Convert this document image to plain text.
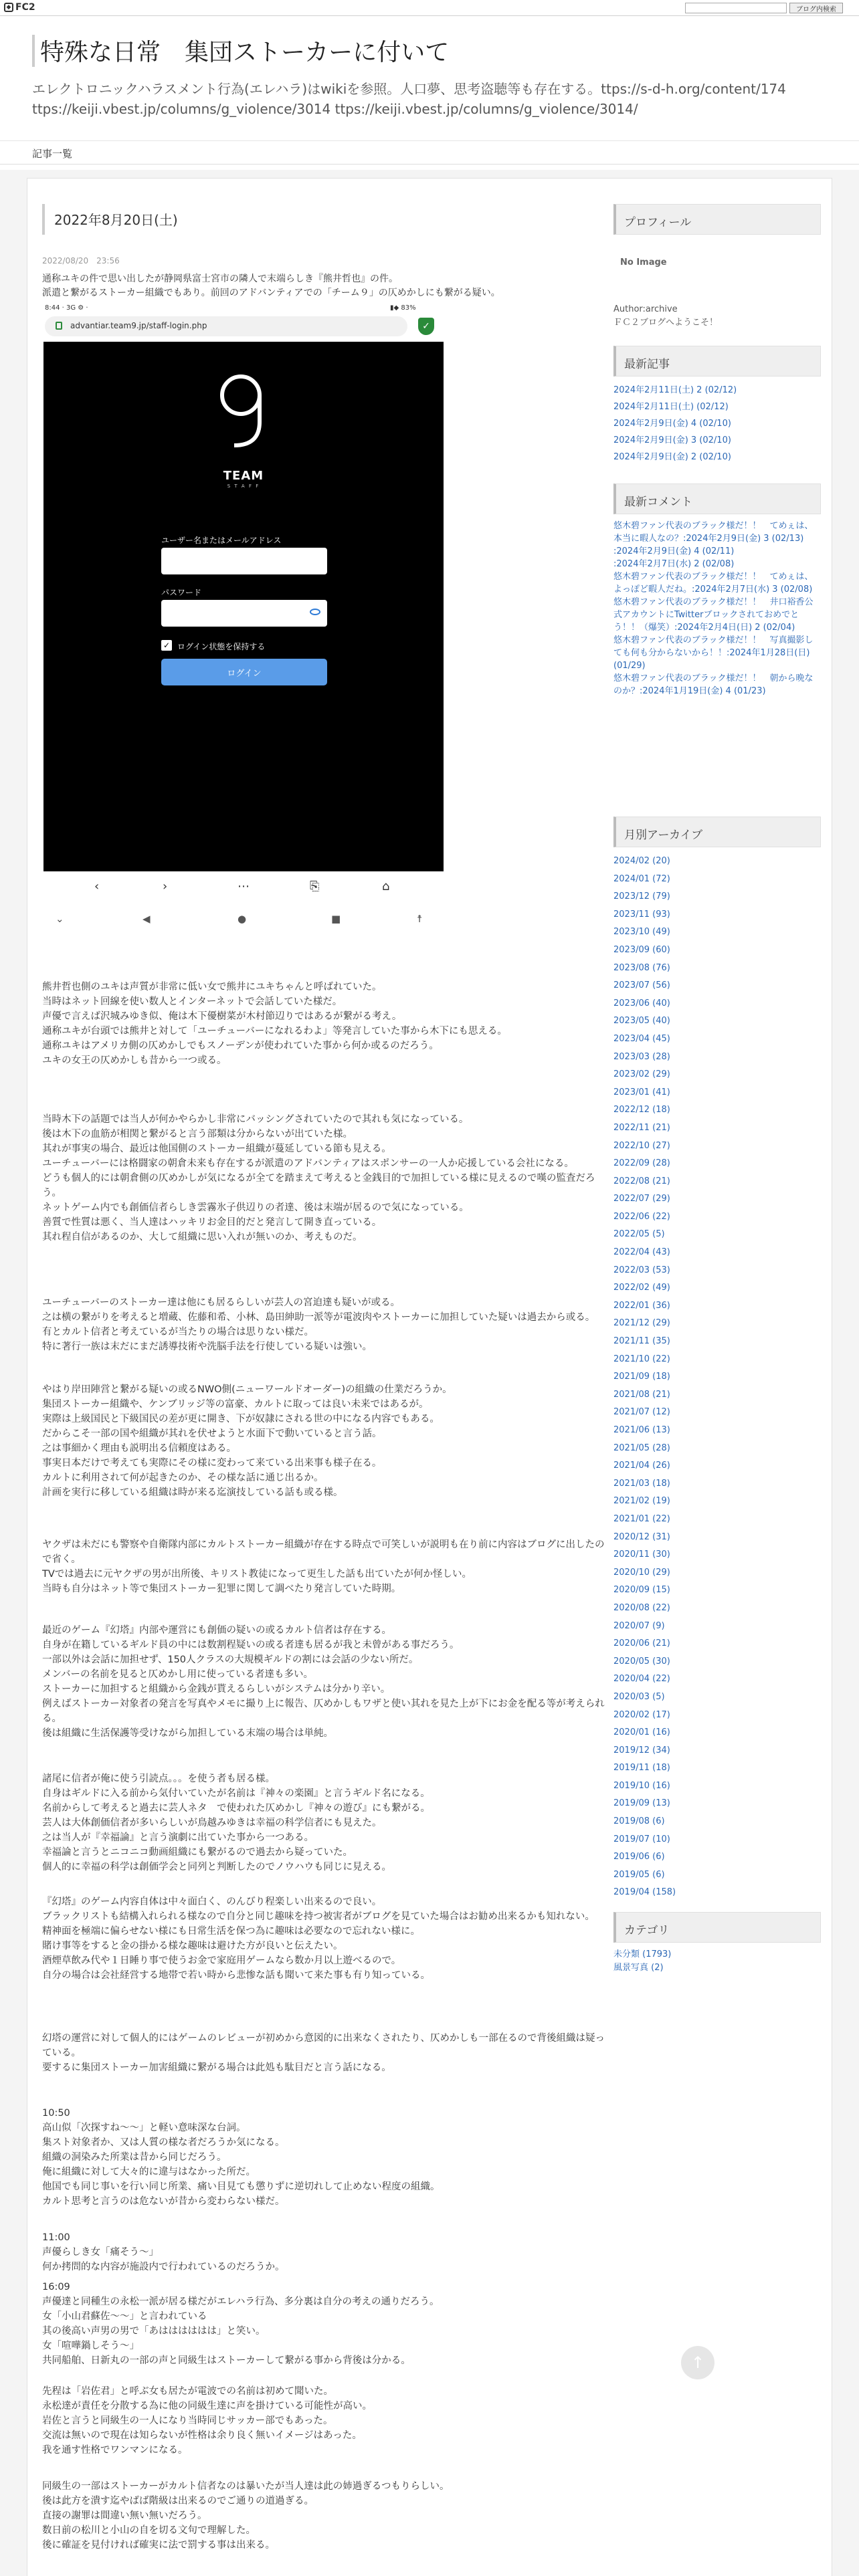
◆ FC2	ブログ内検索
特殊な日常　集団ストーカーに付いて
エレクトロニックハラスメント行為(エレハラ)はwikiを参照。人口夢、思考盗聴等も存在する。ttps://s-d-h.org/content/174 ttps://keiji.vbest.jp/columns/g_violence/3014 ttps://keiji.vbest.jp/columns/g_violence/3014/
記事一覧
2022年8月20日(土)
2022/08/20　23:56
通称ユキの件で思い出したが静岡県富士宮市の隣人で末端らしき『熊井哲也』の件。
派遣と繋がるストーカー組織でもあり。前回のアドバンティアでの「チーム９」の仄めかしにも繋がる疑い。
8:44 · 3G ⚙ ·	▮◆ 83%
advantiar.team9.jp/staff-login.php	✓
TEAM
S T A F F
ユーザー名またはメールアドレス
パスワード
✓ ログイン状態を保持する
ログイン
‹	›	⋯	⎘	⌂
⌄	◀	●	■	☨
熊井哲也側のユキは声質が非常に低い女で熊井にユキちゃんと呼ばれていた。
当時はネット回線を使い数人とインターネットで会話していた様だ。
声優で言えば沢城みゆき似、俺は木下優樹菜が木村節辺りではあるが繋がる考え。
通称ユキが台頭では熊井と対して「ユーチューバーになれるわよ」等発言していた事から木下にも思える。
通称ユキはアメリカ側の仄めかしでもスノーデンが使われていた事から何か或るのだろう。
ユキの女王の仄めかしも昔から一つ或る。
当時木下の話題では当人が何かやらかし非常にバッシングされていたので其れも気になっている。
後は木下の血筋が相関と繋がると言う部類は分からないが出ていた様。
其れが事実の場合、最近は他国側のストーカー組織が蔓延している節も見える。
ユーチューバーには格闘家の朝倉未来も存在するが派遣のアドバンティアはスポンサーの一人か応援している会社になる。
どうも個人的には朝倉側の仄めかしが気になるが全てを踏まえて考えると金銭目的で加担している様に見えるので嘆の監査だろう。
ネットゲーム内でも創価信者らしき雲霧氷子供辺りの者達、後は末端が居るので気になっている。
善質で性質は悪く、当人達はハッキリお金目的だと発言して開き直っている。
其れ程自信があるのか、大して組織に思い入れが無いのか、考えものだ。
ユーチューバーのストーカー達は他にも居るらしいが芸人の宮迫達も疑いが或る。
之は横の繋がりを考えると増蔵、佐藤和希、小林、島田紳助一派等が電波肉やストーカーに加担していた疑いは過去から或る。
有とカルト信者と考えているが当たりの場合は思りない様だ。
特に著行一族は末だにまだ誘導技術や洗脳手法を行使している疑いは強い。
やはり岸田陣営と繋がる疑いの或るNWO側(ニューワールドオーダー)の組織の仕業だろうか。
集団ストーカー組織や、ケンブリッジ等の富豪、カルトに取っては良い未来ではあるが。
実際は上級国民と下級国民の差が更に開き、下が奴隷にされる世の中になる内容でもある。
だからこそ一部の国や組織が其れを伏せようと水面下で動いていると言う話。
之は事細かく理由も説明出る信頼度はある。
事実日本だけで考えても実際にその様に変わって来ている出来事も様子在る。
カルトに利用されて何が起きたのか、その様な話に通じ出るか。
計画を実行に移している組織は時が来る迄演技している話も或る様。
ヤクザは未だにも警察や自衛隊内部にカルトストーカー組織が存在する時点で可笑しいが説明も在り前に内容はブログに出したので省く。
TVでは過去に元ヤクザの男が出所後、キリスト教徒になって更生した話も出ていたが何か怪しい。
当時も自分はネット等で集団ストーカー犯罪に関して調べたり発言していた時期。
最近のゲーム『幻塔』内部や運営にも創価の疑いの或るカルト信者は存在する。
自身が在籍しているギルド員の中には数割程疑いの或る者達も居るが我と未曾がある事だろう。
一部以外は会話に加担せず、150人クラスの大規模ギルドの割には会話の少ない所だ。
メンバーの名前を見ると仄めかし用に使っている者達も多い。
ストーカーに加担すると組織から金銭が貰えるらしいがシステムは分かり辛い。
例えばストーカー対象者の発言を写真やメモに撮り上に報告、仄めかしもワザと使い其れを見た上が下にお金を配る等が考えられる。
後は組織に生活保護等受けながら加担している末端の場合は単純。
諸尾に信者が俺に使う引読点。。。を使う者も居る様。
自身はギルドに入る前から気付いていたが名前は『神々の楽園』と言うギルド名になる。
名前からして考えると過去に芸人ネタ　で使われた仄めかし『神々の遊び』にも繋がる。
芸人は大体創価信者が多いらしいが鳥越みゆきは幸福の科学信者にも見えた。
之は当人が『幸福論』と言う演劇に出ていた事から一つある。
幸福論と言うとニコニコ動画組織にも繋がるので過去から疑っていた。
個人的に幸福の科学は創価学会と同列と判断したのでノウハウも同じに見える。
『幻塔』のゲーム内容自体は中々面白く、のんびり程楽しい出来るので良い。
ブラックリストも結構入れられる様なので自分と同じ趣味を持つ被害者がブログを見ていた場合はお勧め出来るかも知れない。
精神面を極端に偏らせない様にも日常生活を保つ為に趣味は必要なので忘れない様に。
賭け事等をすると金の掛かる様な趣味は避けた方が良いと伝えたい。
酒煙草飲み代や１日睡り事で使うお金で家庭用ゲームなら数か月以上遊べるので。
自分の場合は会社経営する地帯で若い時から悲惨な話も聞いて来た事も有り知っている。
幻塔の運営に対して個人的にはゲームのレビューが初めから意図的に出来なくされたり、仄めかしも一部在るので背後組織は疑っている。
要するに集団ストーカー加害組織に繋がる場合は此処も駄目だと言う話になる。
10:50
高山似「次探すね〜〜」と軽い意味深な台詞。
集スト対象者か、又は人質の様な者だろうか気になる。
組織の洞染みた所業は昔から同じだろう。
俺に組織に対して大々的に違与はなかった所だ。
他国でも同じ事いを行い同じ所業、痛い目見ても懲りずに逆切れして止めない程度の組織。
カルト思考と言うのは危ないが昔から変わらない様だ。
11:00
声優らしき女「痛そう〜」
何か拷問的な内容が施設内で行われているのだろうか。
16:09
声優達と同種生の永松一派が居る様だがエレハラ行為、多分裏は自分の考えの通りだろう。
女「小山君蘇佐〜〜」と言われている
其の後高い声男の男で「あはははははは」と笑い。
女「喧嘩鍋しそう〜」
共同船舶、日新丸の一部の声と同級生はストーカーして繋がる事から背後は分かる。
先程は「岩佐君」と呼ぶ女も居たが電波での名前は初めて聞いた。
永松達が責任を分散する為に他の同級生達に声を掛けている可能性が高い。
岩佐と言うと同級生の一人になり当時同じサッカー部でもあった。
交流は無いので現在は知らないが性格は余り良く無いイメージはあった。
我を通す性格でワンマンになる。
同級生の一部はストーカーがカルト信者なのは暴いたが当人達は此の姉過ぎるつもりらしい。
後は此方を潰す迄やばば階級は出来るのでご通りの道過ぎる。
直接の謝罪は間違い無い無いだろう。
数日前の松川と小山の自を切る文句で理解した。
後に確証を見付ければ確実に法で罰する事は出来る。
プロフィール
No Image
Author:archive
ＦＣ２ブログへようこそ！
最新記事
2024年2月11日(土) 2 (02/12)
2024年2月11日(土) (02/12)
2024年2月9日(金) 4 (02/10)
2024年2月9日(金) 3 (02/10)
2024年2月9日(金) 2 (02/10)
最新コメント
悠木碧ファン代表のブラック様だ！！　てめぇは、本当に暇人なの？:2024年2月9日(金) 3 (02/13)
:2024年2月9日(金) 4 (02/11)
:2024年2月7日(水) 2 (02/08)
悠木碧ファン代表のブラック様だ！！　てめぇは、よっぽど暇人だね。:2024年2月7日(水) 3 (02/08)
悠木碧ファン代表のブラック様だ！！　井口裕香公式アカウントにTwitterブロックされておめでとう！！（爆笑）:2024年2月4日(日) 2 (02/04)
悠木碧ファン代表のブラック様だ！！　写真撮影しても何も分からないから！！:2024年1月28日(日) (01/29)
悠木碧ファン代表のブラック様だ！！　朝から晩なのか？:2024年1月19日(金) 4 (01/23)
月別アーカイブ
2024/02 (20)
2024/01 (72)
2023/12 (79)
2023/11 (93)
2023/10 (49)
2023/09 (60)
2023/08 (76)
2023/07 (56)
2023/06 (40)
2023/05 (40)
2023/04 (45)
2023/03 (28)
2023/02 (29)
2023/01 (41)
2022/12 (18)
2022/11 (21)
2022/10 (27)
2022/09 (28)
2022/08 (21)
2022/07 (29)
2022/06 (22)
2022/05 (5)
2022/04 (43)
2022/03 (53)
2022/02 (49)
2022/01 (36)
2021/12 (29)
2021/11 (35)
2021/10 (22)
2021/09 (18)
2021/08 (21)
2021/07 (12)
2021/06 (13)
2021/05 (28)
2021/04 (26)
2021/03 (18)
2021/02 (19)
2021/01 (22)
2020/12 (31)
2020/11 (30)
2020/10 (29)
2020/09 (15)
2020/08 (22)
2020/07 (9)
2020/06 (21)
2020/05 (30)
2020/04 (22)
2020/03 (5)
2020/02 (17)
2020/01 (16)
2019/12 (34)
2019/11 (18)
2019/10 (16)
2019/09 (13)
2019/08 (6)
2019/07 (10)
2019/06 (6)
2019/05 (6)
2019/04 (158)
カテゴリ
未分類 (1793)
風景写真 (2)
↑
